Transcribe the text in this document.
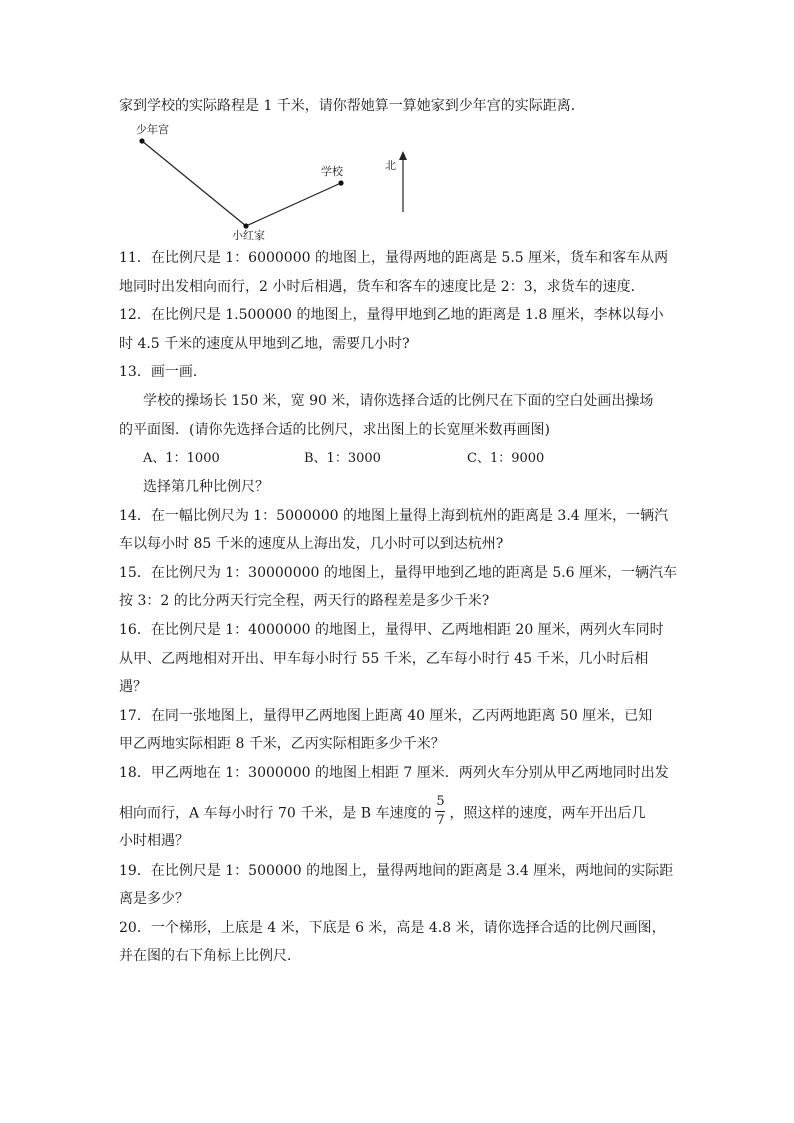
家到学校的实际路程是 1 千米，请你帮她算一算她家到少年宫的实际距离．
少年宫
学校
小红家
北
11．在比例尺是 1：6000000 的地图上，量得两地的距离是 5.5 厘米，货车和客车从两
地同时出发相向而行，2 小时后相遇，货车和客车的速度比是 2：3，求货车的速度．
12．在比例尺是 1.500000 的地图上，量得甲地到乙地的距离是 1.8 厘米，李林以每小
时 4.5 千米的速度从甲地到乙地，需要几小时?
13．画一画．
学校的操场长 150 米，宽 90 米，请你选择合适的比例尺在下面的空白处画出操场
的平面图．(请你先选择合适的比例尺，求出图上的长宽厘米数再画图)
A、1：1000	B、1：3000	C、1：9000
选择第几种比例尺？
14．在一幅比例尺为 1：5000000 的地图上量得上海到杭州的距离是 3.4 厘米，一辆汽
车以每小时 85 千米的速度从上海出发，几小时可以到达杭州?
15．在比例尺为 1：30000000 的地图上，量得甲地到乙地的距离是 5.6 厘米，一辆汽车
按 3：2 的比分两天行完全程，两天行的路程差是多少千米?
16．在比例尺是 1：4000000 的地图上，量得甲、乙两地相距 20 厘米，两列火车同时
从甲、乙两地相对开出、甲车每小时行 55 千米，乙车每小时行 45 千米，几小时后相
遇？
17．在同一张地图上，量得甲乙两地图上距离 40 厘米，乙丙两地距离 50 厘米，已知
甲乙两地实际相距 8 千米，乙丙实际相距多少千米？
18．甲乙两地在 1：3000000 的地图上相距 7 厘米．两列火车分别从甲乙两地同时出发
相向而行，A 车每小时行 70 千米，是 B 车速度的 $\frac{5}{7}$ ，照这样的速度，两车开出后几
小时相遇？
19．在比例尺是 1：500000 的地图上，量得两地间的距离是 3.4 厘米，两地间的实际距
离是多少？
20．一个梯形，上底是 4 米，下底是 6 米，高是 4.8 米，请你选择合适的比例尺画图，
并在图的右下角标上比例尺．
